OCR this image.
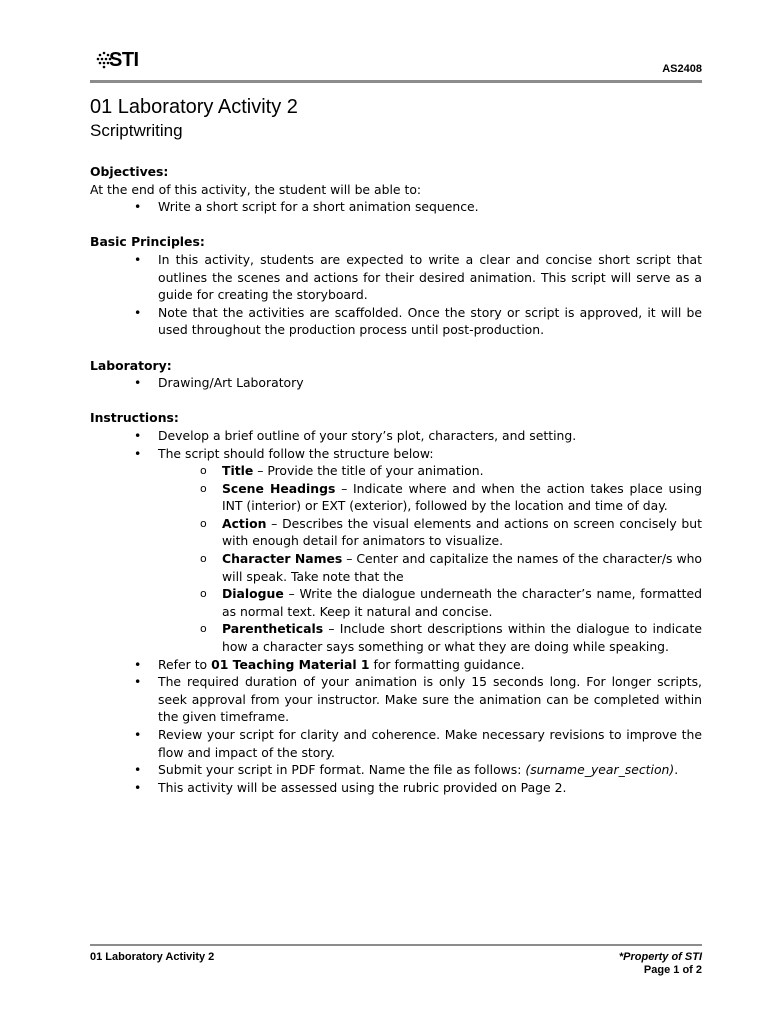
STI	AS2408
01 Laboratory Activity 2
Scriptwriting

Objectives:

At the end of this activity, the student will be able to:

• Write a short script for a short animation sequence.

Basic Principles:

• In this activity, students are expected to write a clear and concise short script that outlines the scenes and actions for their desired animation. This script will serve as a guide for creating the storyboard.
• Note that the activities are scaffolded. Once the story or script is approved, it will be used throughout the production process until post-production.

Laboratory:

• Drawing/Art Laboratory

Instructions:

• Develop a brief outline of your story’s plot, characters, and setting.
• The script should follow the structure below:
o Title – Provide the title of your animation.
o Scene Headings – Indicate where and when the action takes place using INT (interior) or EXT (exterior), followed by the location and time of day.
o Action – Describes the visual elements and actions on screen concisely but with enough detail for animators to visualize.
o Character Names – Center and capitalize the names of the character/s who will speak. Take note that the
o Dialogue – Write the dialogue underneath the character’s name, formatted as normal text. Keep it natural and concise.
o Parentheticals – Include short descriptions within the dialogue to indicate how a character says something or what they are doing while speaking.
• Refer to 01 Teaching Material 1 for formatting guidance.
• The required duration of your animation is only 15 seconds long. For longer scripts, seek approval from your instructor. Make sure the animation can be completed within the given timeframe.
• Review your script for clarity and coherence. Make necessary revisions to improve the flow and impact of the story.
• Submit your script in PDF format. Name the file as follows: (surname_year_section).
• This activity will be assessed using the rubric provided on Page 2.
01 Laboratory Activity 2	*Property of STI
Page 1 of 2
